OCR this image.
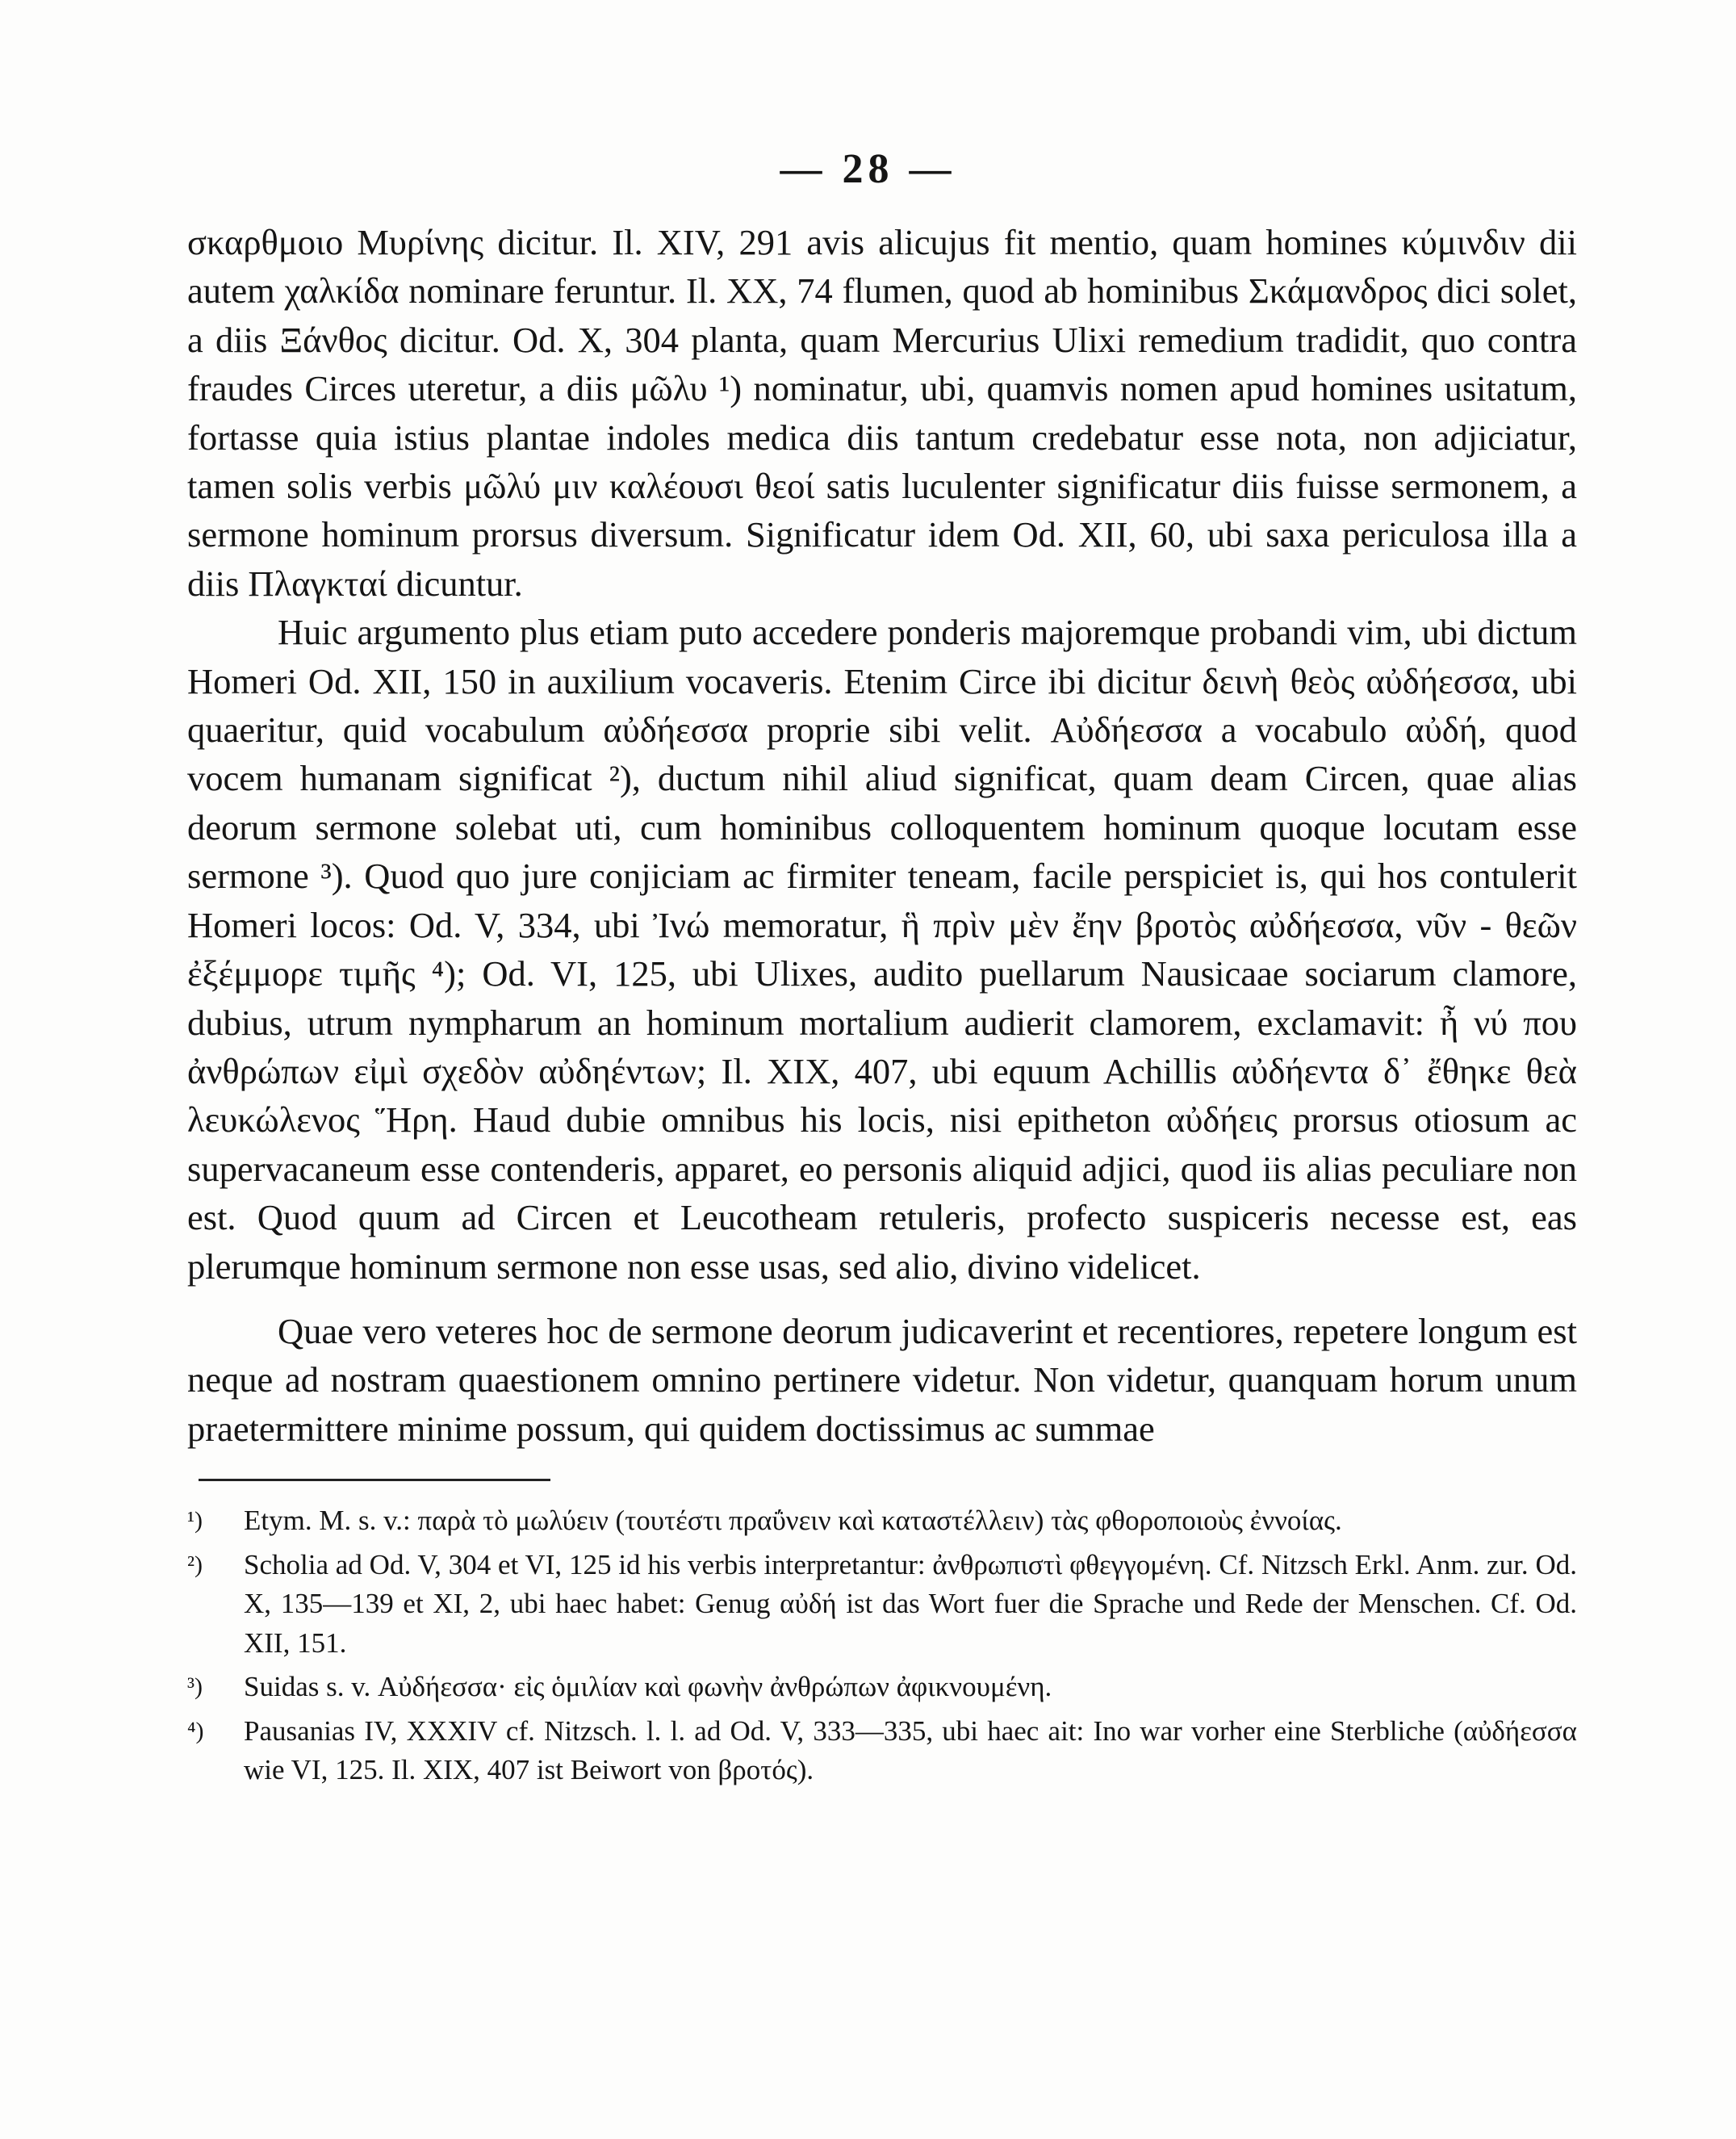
— 28 —

σκαρθμοιο Μυρίνης dicitur. Il. XIV, 291 avis alicujus fit mentio, quam homines κύμινδιν dii autem χαλκίδα nominare feruntur. Il. XX, 74 flumen, quod ab hominibus Σκάμανδρος dici solet, a diis Ξάνθος dicitur. Od. X, 304 planta, quam Mercurius Ulixi remedium tradidit, quo contra fraudes Circes uteretur, a diis μῶλυ ¹) nominatur, ubi, quamvis nomen apud homines usitatum, fortasse quia istius plantae indoles medica diis tantum credebatur esse nota, non adjiciatur, tamen solis verbis μῶλύ μιν καλέουσι θεοί satis luculenter significatur diis fuisse sermonem, a sermone hominum prorsus diversum. Significatur idem Od. XII, 60, ubi saxa periculosa illa a diis Πλαγκταί dicuntur.

Huic argumento plus etiam puto accedere ponderis majoremque probandi vim, ubi dictum Homeri Od. XII, 150 in auxilium vocaveris. Etenim Circe ibi dicitur δεινὴ θεὸς αὐδήεσσα, ubi quaeritur, quid vocabulum αὐδήεσσα proprie sibi velit. Αὐδήεσσα a vocabulo αὐδή, quod vocem humanam significat ²), ductum nihil aliud significat, quam deam Circen, quae alias deorum sermone solebat uti, cum hominibus colloquentem hominum quoque locutam esse sermone ³). Quod quo jure conjiciam ac firmiter teneam, facile perspiciet is, qui hos contulerit Homeri locos: Od. V, 334, ubi Ἰνώ memoratur, ἣ πρὶν μὲν ἔην βροτὸς αὐδήεσσα, νῦν - θεῶν ἐξέμμορε τιμῆς ⁴); Od. VI, 125, ubi Ulixes, audito puellarum Nausicaae sociarum clamore, dubius, utrum nympharum an hominum mortalium audierit clamorem, exclamavit: ἦ νύ που ἀνθρώπων εἰμὶ σχεδὸν αὐδηέντων; Il. XIX, 407, ubi equum Achillis αὐδήεντα δ᾽ ἔθηκε θεὰ λευκώλενος Ἥρη. Haud dubie omnibus his locis, nisi epitheton αὐδήεις prorsus otiosum ac supervacaneum esse contenderis, apparet, eo personis aliquid adjici, quod iis alias peculiare non est. Quod quum ad Circen et Leucotheam retuleris, profecto suspiceris necesse est, eas plerumque hominum sermone non esse usas, sed alio, divino videlicet.

Quae vero veteres hoc de sermone deorum judicaverint et recentiores, repetere longum est neque ad nostram quaestionem omnino pertinere videtur. Non videtur, quanquam horum unum praetermittere minime possum, qui quidem doctissimus ac summae

¹)	Etym. M. s. v.: παρὰ τὸ μωλύειν (τουτέστι πραΰνειν καὶ καταστέλλειν) τὰς φθοροποιοὺς ἐννοίας.
²)	Scholia ad Od. V, 304 et VI, 125 id his verbis interpretantur: ἀνθρωπιστὶ φθεγγομένη. Cf. Nitzsch Erkl. Anm. zur. Od. X, 135—139 et XI, 2, ubi haec habet: Genug αὐδή ist das Wort fuer die Sprache und Rede der Menschen. Cf. Od. XII, 151.
³)	Suidas s. v. Αὐδήεσσα· εἰς ὁμιλίαν καὶ φωνὴν ἀνθρώπων ἀφικνουμένη.
⁴)	Pausanias IV, XXXIV cf. Nitzsch. l. l. ad Od. V, 333—335, ubi haec ait: Ino war vorher eine Sterbliche (αὐδήεσσα wie VI, 125. Il. XIX, 407 ist Beiwort von βροτός).
